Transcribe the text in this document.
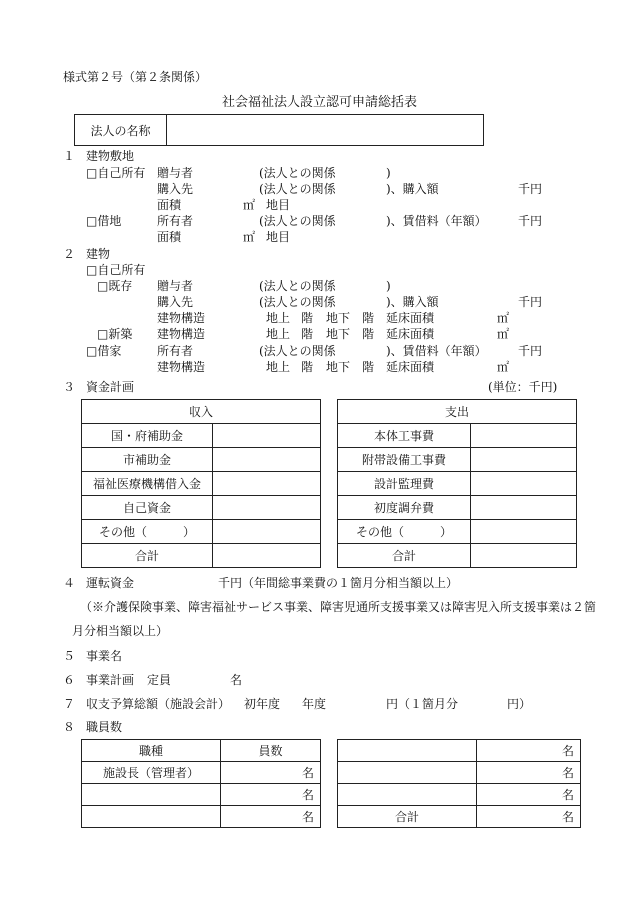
様式第２号（第２条関係）
社会福祉法人設立認可申請総括表
法人の名称	
１ 建物敷地
□自己所有 贈与者	(法人との関係	)
購入先	(法人との関係	)、購入額	千円
面積	㎡ 地目
□借地	所有者	(法人との関係	)、賃借料（年額）	千円
面積	㎡ 地目
２ 建物
□自己所有
□既存 贈与者	(法人との関係	)
購入先	(法人との関係	)、購入額	千円
建物構造	地上 階 地下 階 延床面積	㎡
□新築 建物構造	地上 階 地下 階 延床面積	㎡
□借家	所有者	(法人との関係	)、賃借料（年額）	千円
建物構造	地上 階 地下 階 延床面積	㎡
３ 資金計画	(単位：千円)
収入	
国・府補助金	
市補助金	
福祉医療機構借入金	
自己資金	
その他（　　　）	
合計	
支出	
本体工事費	
附帯設備工事費	
設計監理費	
初度調弁費	
その他（　　　）	
合計	
４ 運転資金	千円（年間総事業費の１箇月分相当額以上）
（※介護保険事業、障害福祉サービス事業、障害児通所支援事業又は障害児入所支援事業は２箇
月分相当額以上）
５ 事業名
６ 事業計画 定員	名
７ 収支予算総額（施設会計） 初年度 年度	円（１箇月分	円）
８ 職員数
職種	員数
施設長（管理者）	名
	名
	名
	名
	名
	名
合計	名
